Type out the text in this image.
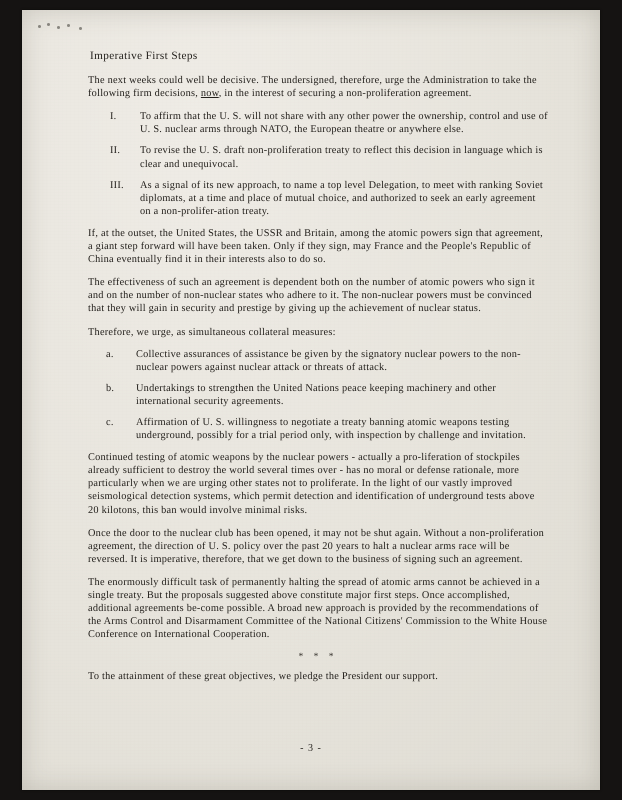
Imperative First Steps

The next weeks could well be decisive. The undersigned, therefore, urge the Administration to take the following firm decisions, now, in the interest of securing a non-proliferation agreement.

I.	To affirm that the U. S. will not share with any other power the ownership, control and use of U. S. nuclear arms through NATO, the European theatre or anywhere else.
II.	To revise the U. S. draft non-proliferation treaty to reflect this decision in language which is clear and unequivocal.
III.	As a signal of its new approach, to name a top level Delegation, to meet with ranking Soviet diplomats, at a time and place of mutual choice, and authorized to seek an early agreement on a non-prolifer-ation treaty.

If, at the outset, the United States, the USSR and Britain, among the atomic powers sign that agreement, a giant step forward will have been taken. Only if they sign, may France and the People's Republic of China eventually find it in their interests also to do so.

The effectiveness of such an agreement is dependent both on the number of atomic powers who sign it and on the number of non-nuclear states who adhere to it. The non-nuclear powers must be convinced that they will gain in security and prestige by giving up the achievement of nuclear status.

Therefore, we urge, as simultaneous collateral measures:

a.	Collective assurances of assistance be given by the signatory nuclear powers to the non-nuclear powers against nuclear attack or threats of attack.
b.	Undertakings to strengthen the United Nations peace keeping machinery and other international security agreements.
c.	Affirmation of U. S. willingness to negotiate a treaty banning atomic weapons testing underground, possibly for a trial period only, with inspection by challenge and invitation.

Continued testing of atomic weapons by the nuclear powers - actually a pro-liferation of stockpiles already sufficient to destroy the world several times over - has no moral or defense rationale, more particularly when we are urging other states not to proliferate. In the light of our vastly improved seismological detection systems, which permit detection and identification of underground tests above 20 kilotons, this ban would involve minimal risks.

Once the door to the nuclear club has been opened, it may not be shut again. Without a non-proliferation agreement, the direction of U. S. policy over the past 20 years to halt a nuclear arms race will be reversed. It is imperative, therefore, that we get down to the business of signing such an agreement.

The enormously difficult task of permanently halting the spread of atomic arms cannot be achieved in a single treaty. But the proposals suggested above constitute major first steps. Once accomplished, additional agreements be-come possible. A broad new approach is provided by the recommendations of the Arms Control and Disarmament Committee of the National Citizens' Commission to the White House Conference on International Cooperation.

* * *

To the attainment of these great objectives, we pledge the President our support.

- 3 -
